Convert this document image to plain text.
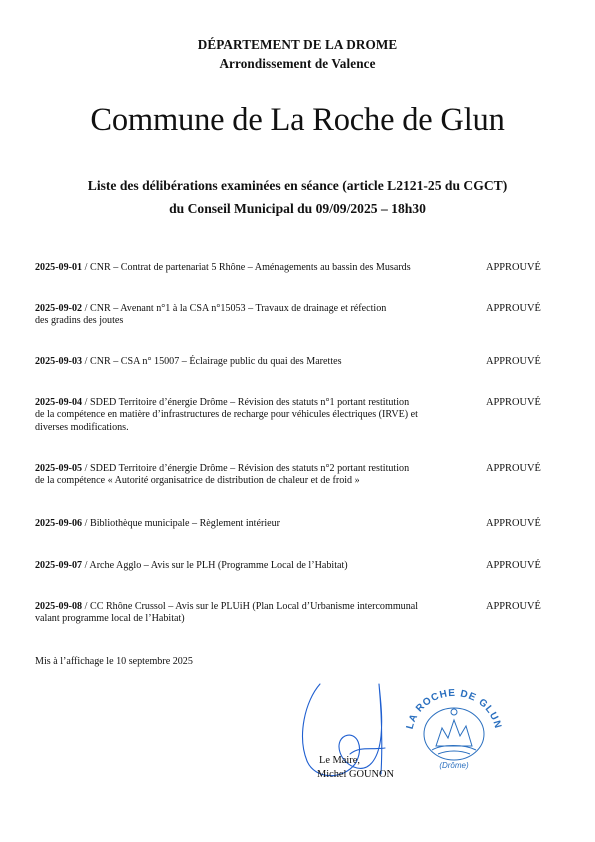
DÉPARTEMENT DE LA DROME
Arrondissement de Valence
Commune de La Roche de Glun
Liste des délibérations examinées en séance (article L2121-25 du CGCT)
du Conseil Municipal du 09/09/2025 – 18h30
2025-09-01 / CNR – Contrat de partenariat 5 Rhône – Aménagements au bassin des Musards	APPROUVÉ
2025-09-02 / CNR – Avenant n°1 à la CSA n°15053 – Travaux de drainage et réfection
des gradins des joutes
APPROUVÉ
2025-09-03 / CNR – CSA n° 15007 – Éclairage public du quai des Marettes	APPROUVÉ
2025-09-04 / SDED Territoire d’énergie Drôme – Révision des statuts n°1 portant restitution
de la compétence en matière d’infrastructures de recharge pour véhicules électriques (IRVE) et
diverses modifications.
APPROUVÉ
2025-09-05 / SDED Territoire d’énergie Drôme – Révision des statuts n°2 portant restitution
de la compétence « Autorité organisatrice de distribution de chaleur et de froid »
APPROUVÉ
2025-09-06 / Bibliothèque municipale – Règlement intérieur	APPROUVÉ
2025-09-07 / Arche Agglo – Avis sur le PLH (Programme Local de l’Habitat)	APPROUVÉ
2025-09-08 / CC Rhône Crussol – Avis sur le PLUiH (Plan Local d’Urbanisme intercommunal
valant programme local de l’Habitat)
APPROUVÉ
Mis à l’affichage le 10 septembre 2025
LA ROCHE DE GLUN
(Drôme)
Le Maire,
Michel GOUNON
